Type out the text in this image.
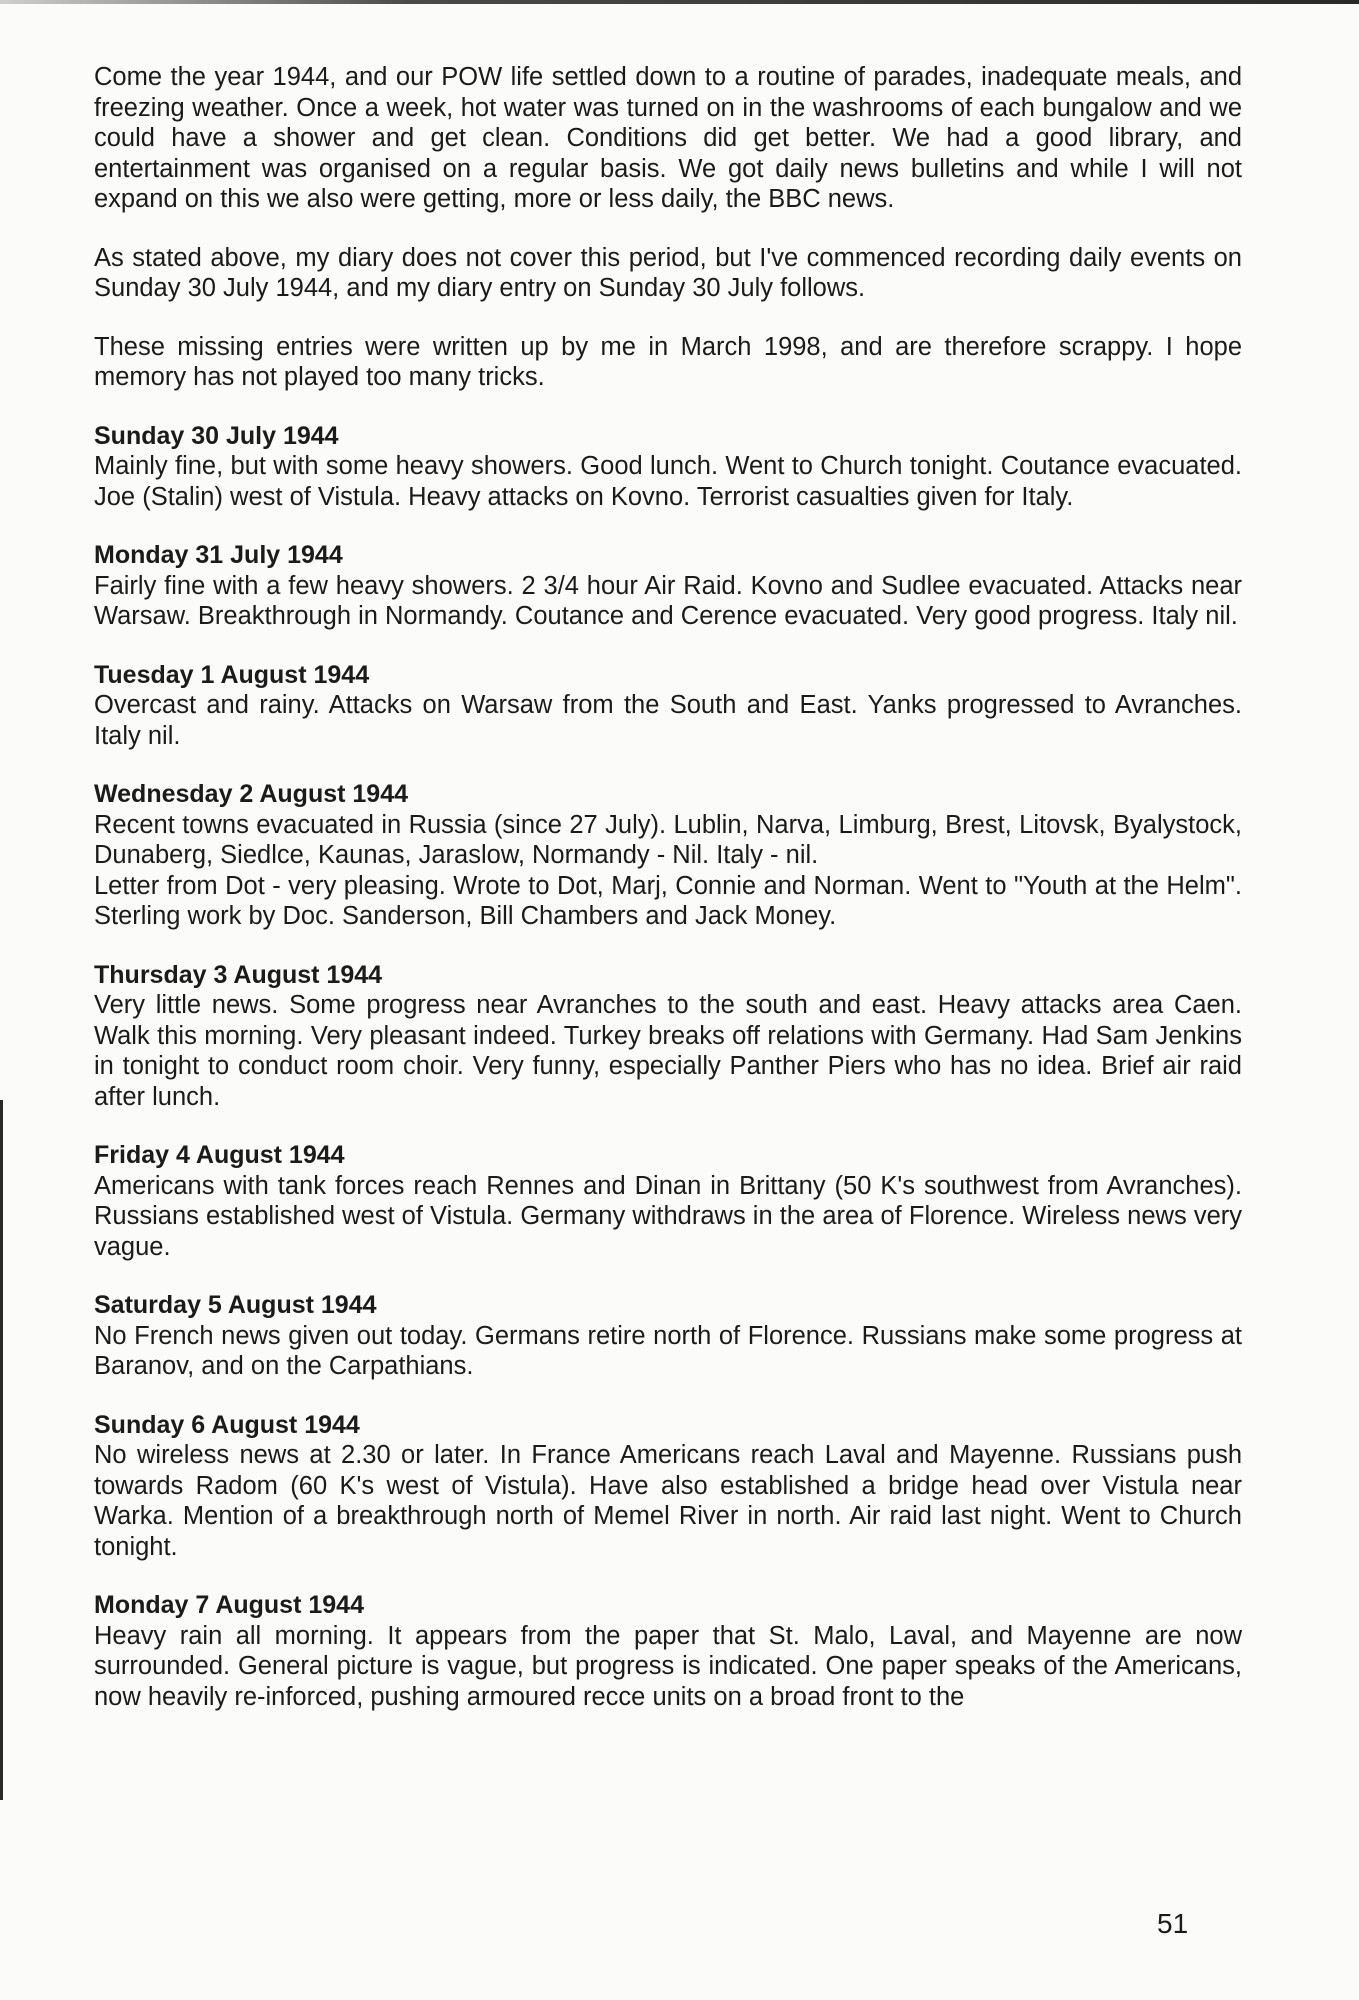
Come the year 1944, and our POW life settled down to a routine of parades, inadequate meals, and freezing weather. Once a week, hot water was turned on in the washrooms of each bungalow and we could have a shower and get clean. Conditions did get better. We had a good library, and entertainment was organised on a regular basis. We got daily news bulletins and while I will not expand on this we also were getting, more or less daily, the BBC news.

As stated above, my diary does not cover this period, but I've commenced recording daily events on Sunday 30 July 1944, and my diary entry on Sunday 30 July follows.

These missing entries were written up by me in March 1998, and are therefore scrappy. I hope memory has not played too many tricks.

Sunday 30 July 1944
Mainly fine, but with some heavy showers. Good lunch. Went to Church tonight. Coutance evacuated. Joe (Stalin) west of Vistula. Heavy attacks on Kovno. Terrorist casualties given for Italy.
Monday 31 July 1944
Fairly fine with a few heavy showers. 2 3/4 hour Air Raid. Kovno and Sudlee evacuated. Attacks near Warsaw. Breakthrough in Normandy. Coutance and Cerence evacuated. Very good progress. Italy nil.
Tuesday 1 August 1944
Overcast and rainy. Attacks on Warsaw from the South and East. Yanks progressed to Avranches. Italy nil.
Wednesday 2 August 1944
Recent towns evacuated in Russia (since 27 July). Lublin, Narva, Limburg, Brest, Litovsk, Byalystock, Dunaberg, Siedlce, Kaunas, Jaraslow, Normandy - Nil. Italy - nil.
Letter from Dot - very pleasing. Wrote to Dot, Marj, Connie and Norman. Went to "Youth at the Helm". Sterling work by Doc. Sanderson, Bill Chambers and Jack Money.
Thursday 3 August 1944
Very little news. Some progress near Avranches to the south and east. Heavy attacks area Caen. Walk this morning. Very pleasant indeed. Turkey breaks off relations with Germany. Had Sam Jenkins in tonight to conduct room choir. Very funny, especially Panther Piers who has no idea. Brief air raid after lunch.
Friday 4 August 1944
Americans with tank forces reach Rennes and Dinan in Brittany (50 K's southwest from Avranches). Russians established west of Vistula. Germany withdraws in the area of Florence. Wireless news very vague.
Saturday 5 August 1944
No French news given out today. Germans retire north of Florence. Russians make some progress at Baranov, and on the Carpathians.
Sunday 6 August 1944
No wireless news at 2.30 or later. In France Americans reach Laval and Mayenne. Russians push towards Radom (60 K's west of Vistula). Have also established a bridge head over Vistula near Warka. Mention of a breakthrough north of Memel River in north. Air raid last night. Went to Church tonight.
Monday 7 August 1944
Heavy rain all morning. It appears from the paper that St. Malo, Laval, and Mayenne are now surrounded. General picture is vague, but progress is indicated. One paper speaks of the Americans, now heavily re-inforced, pushing armoured recce units on a broad front to the
51
